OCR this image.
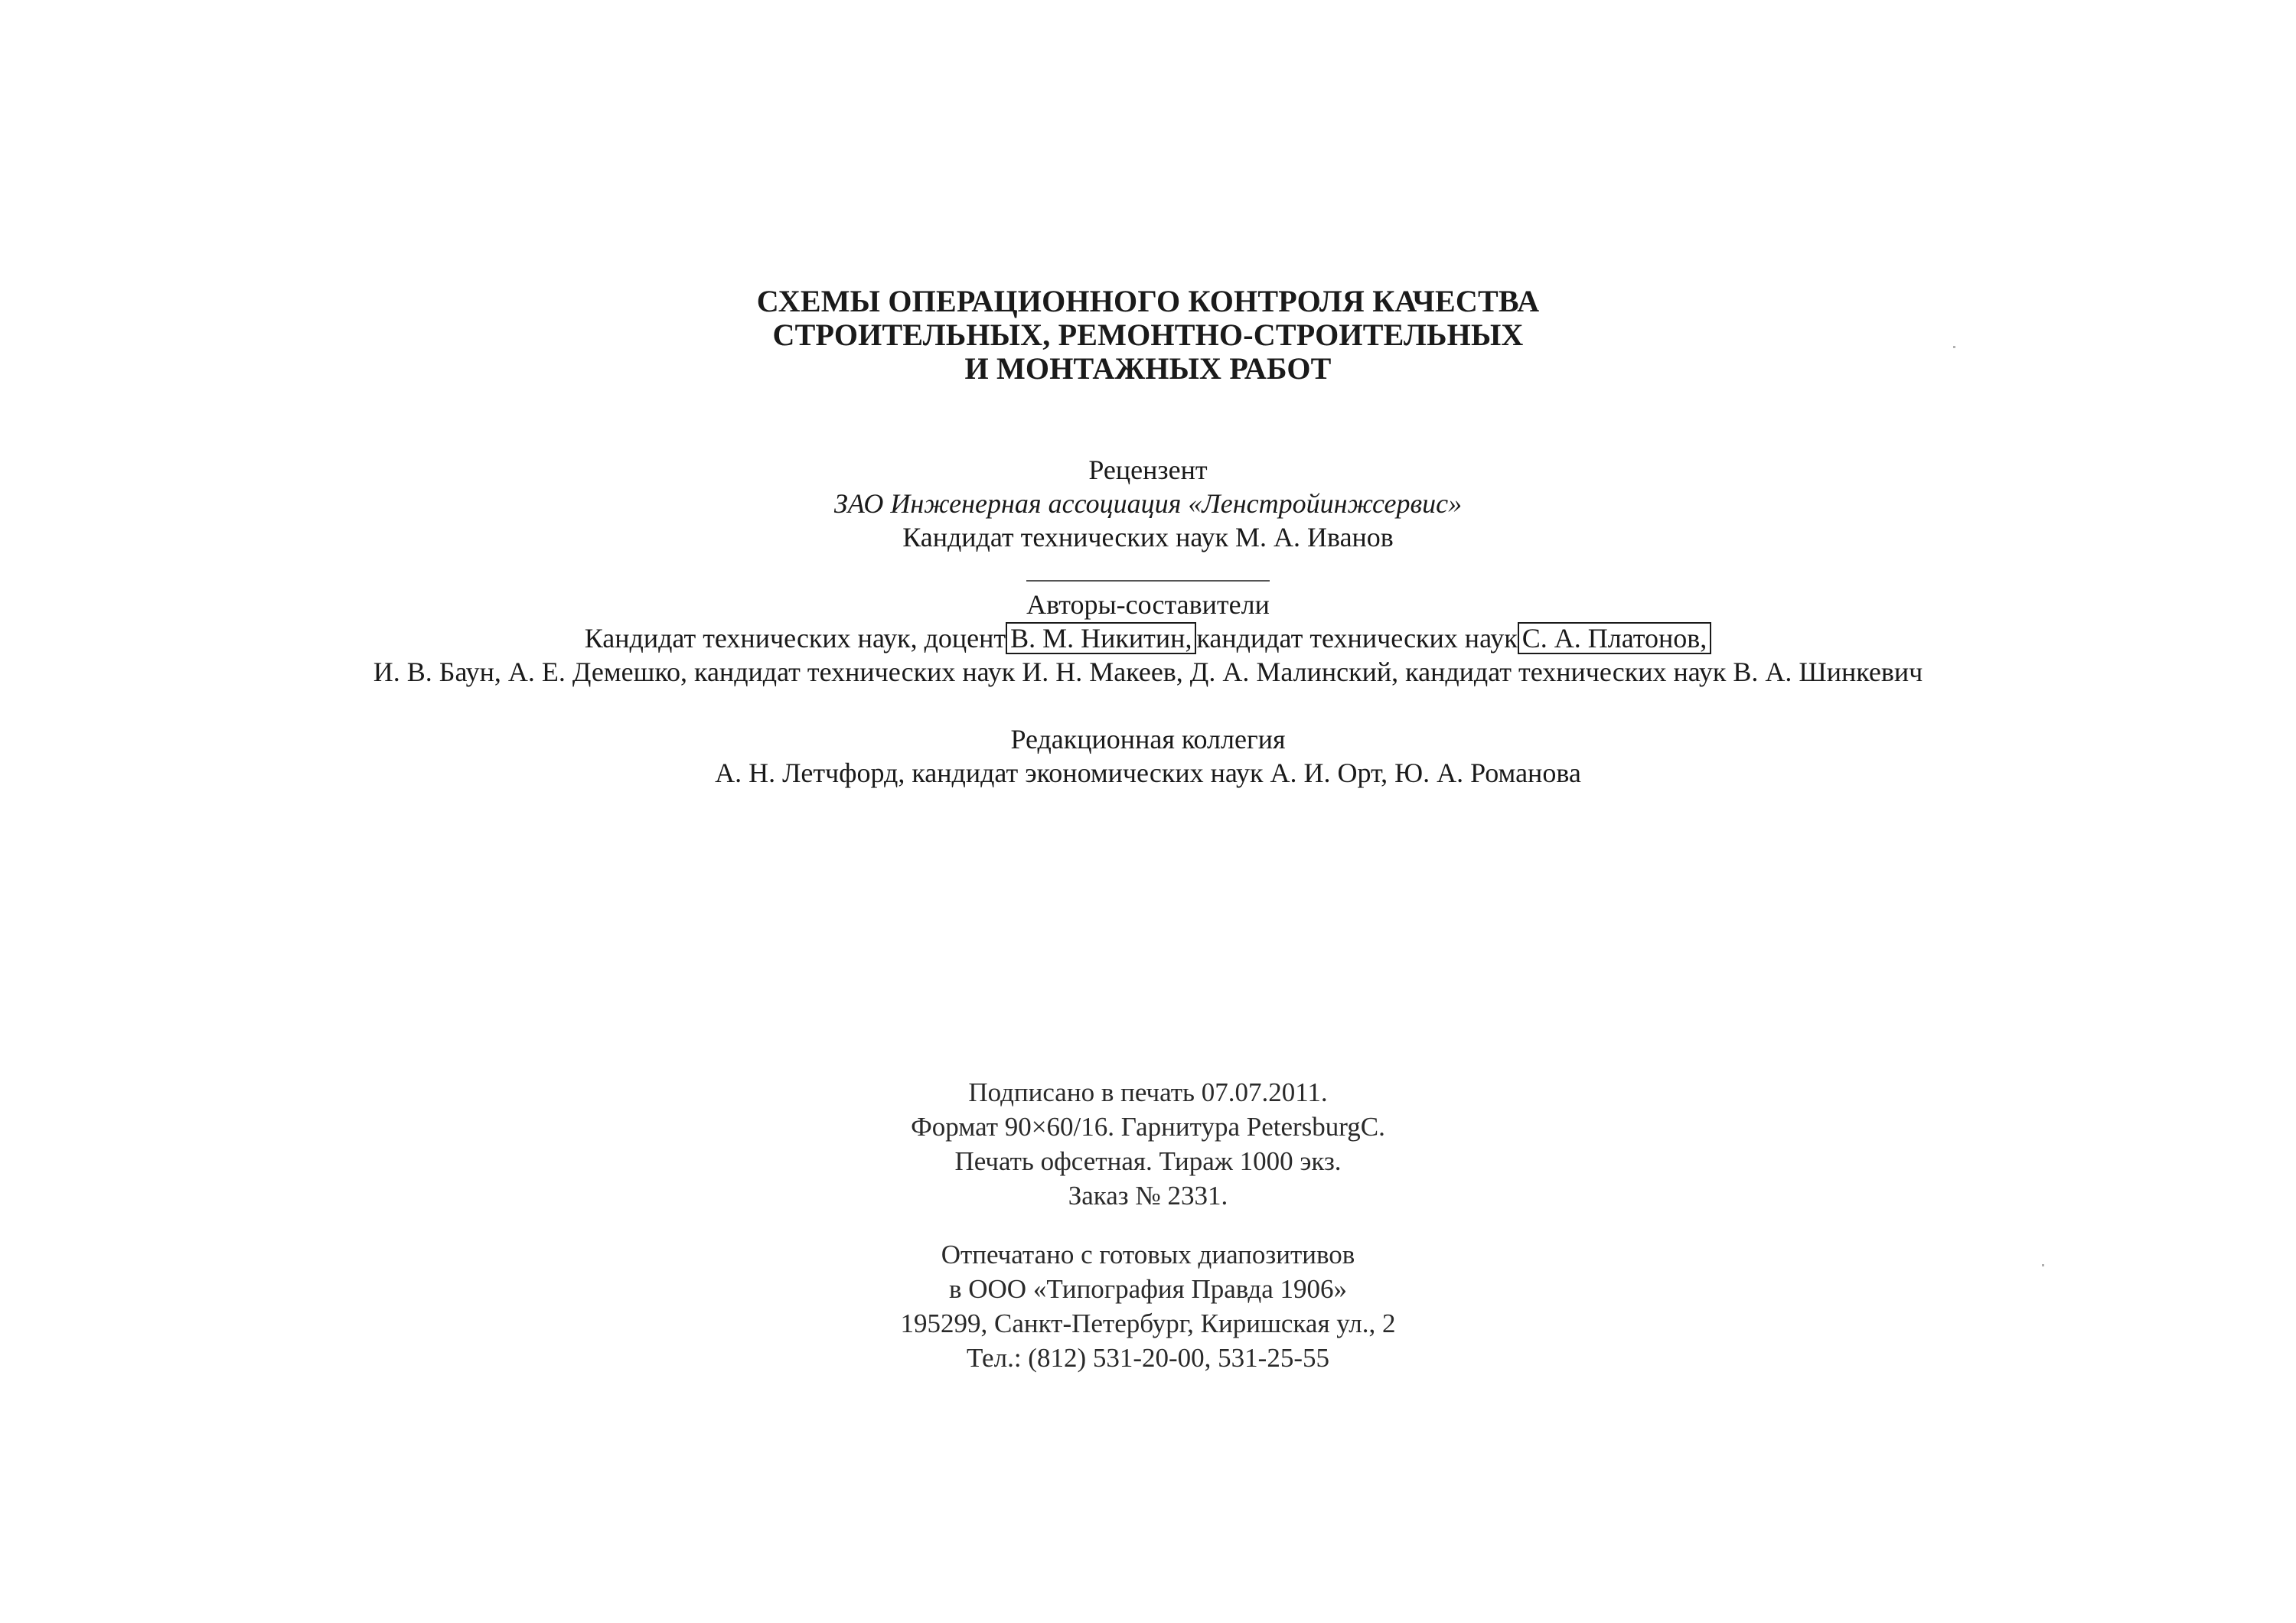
СХЕМЫ ОПЕРАЦИОННОГО КОНТРОЛЯ КАЧЕСТВА
СТРОИТЕЛЬНЫХ, РЕМОНТНО-СТРОИТЕЛЬНЫХ
И МОНТАЖНЫХ РАБОТ
Рецензент
ЗАО Инженерная ассоциация «Ленстройинжсервис»
Кандидат технических наук М. А. Иванов
Авторы-составители
Кандидат технических наук, доцент В. М. Никитин, кандидат технических наук С. А. Платонов,
И. В. Баун, А. Е. Демешко, кандидат технических наук И. Н. Макеев, Д. А. Малинский, кандидат технических наук В. А. Шинкевич
Редакционная коллегия
А. Н. Летчфорд, кандидат экономических наук А. И. Орт, Ю. А. Романова
Подписано в печать 07.07.2011.
Формат 90×60/16. Гарнитура PetersburgC.
Печать офсетная. Тираж 1000 экз.
Заказ № 2331.
Отпечатано с готовых диапозитивов
в ООО «Типография Правда 1906»
195299, Санкт-Петербург, Киришская ул., 2
Тел.: (812) 531-20-00, 531-25-55
